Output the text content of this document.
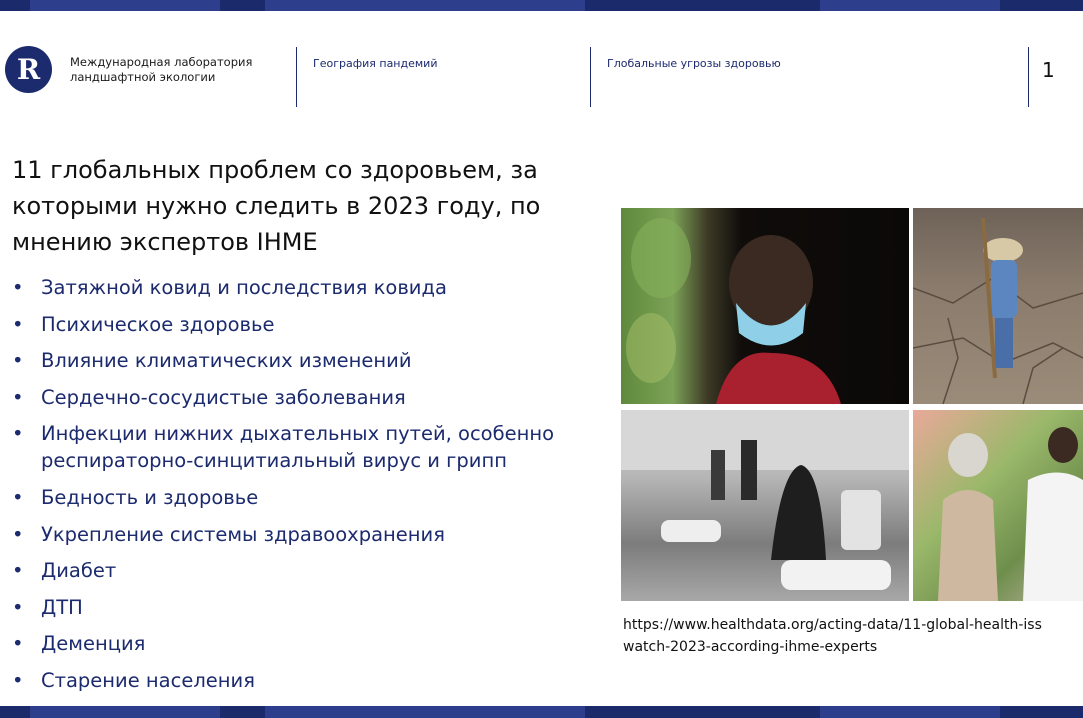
R	Международная лаборатория
ландшафтной экологии
География пандемий	Глобальные угрозы здоровью	1
11 глобальных проблем со здоровьем, за
которыми нужно следить в 2023 году, по
мнению экспертов IHME
• Затяжной ковид и последствия ковида
• Психическое здоровье
• Влияние климатических изменений
• Сердечно-сосудистые заболевания
• Инфекции нижних дыхательных путей, особенно
респираторно-синцитиальный вирус и грипп
• Бедность и здоровье
• Укрепление системы здравоохранения
• Диабет
• ДТП
• Деменция
• Старение населения
https://www.healthdata.org/acting-data/11-global-health-iss
watch-2023-according-ihme-experts
